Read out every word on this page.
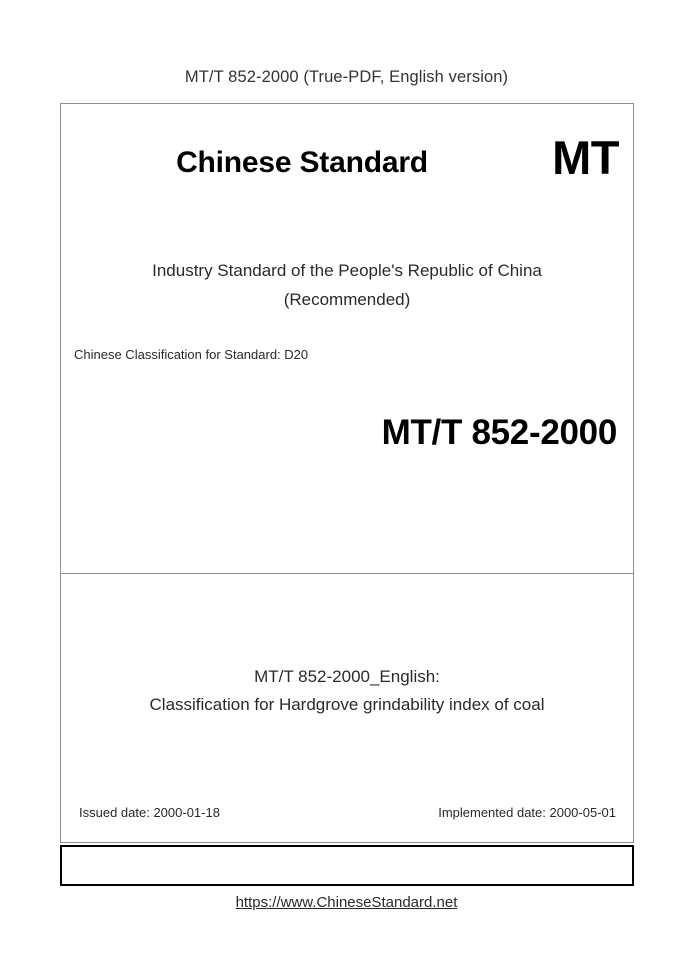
MT/T 852-2000 (True-PDF, English version)
Chinese Standard	MT
Industry Standard of the People's Republic of China
(Recommended)
Chinese Classification for Standard: D20
MT/T 852-2000
MT/T 852-2000_English:
Classification for Hardgrove grindability index of coal
Issued date: 2000-01-18	Implemented date: 2000-05-01
https://www.ChineseStandard.net
